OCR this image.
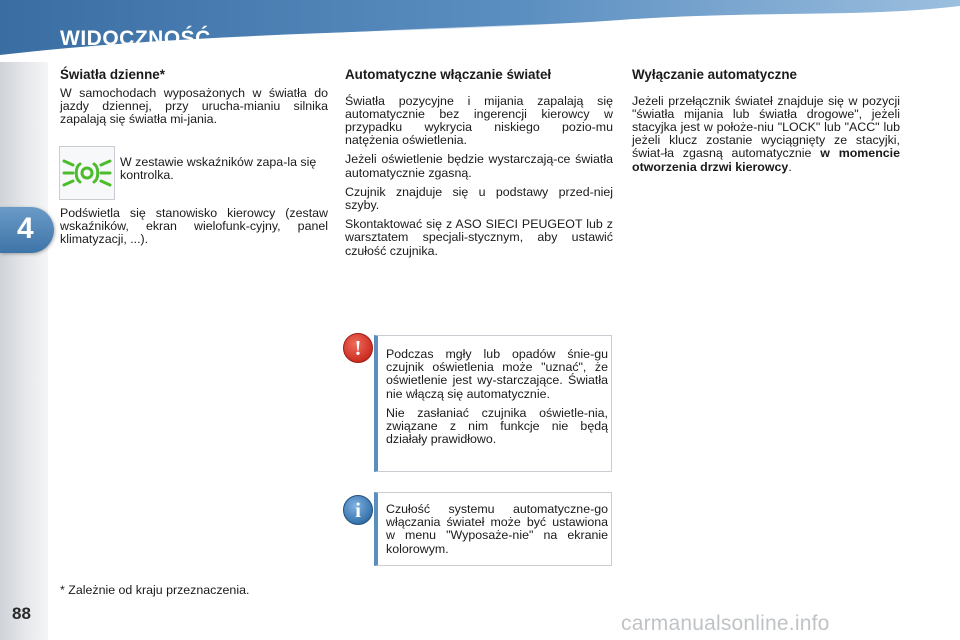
WIDOCZNOŚĆ
4
88
Światła dzienne*

W samochodach wyposażonych w światła do jazdy dziennej, przy urucha-mianiu silnika zapalają się światła mi-jania.

W zestawie wskaźników zapa-la się kontrolka.

Podświetla się stanowisko kierowcy (zestaw wskaźników, ekran wielofunk-cyjny, panel klimatyzacji, ...).

Automatyczne włączanie świateł

Światła pozycyjne i mijania zapalają się automatycznie bez ingerencji kierowcy w przypadku wykrycia niskiego pozio-mu natężenia oświetlenia.

Jeżeli oświetlenie będzie wystarczają-ce światła automatycznie zgasną.

Czujnik znajduje się u podstawy przed-niej szyby.

Skontaktować się z ASO SIECI PEUGEOT lub z warsztatem specjali-stycznym, aby ustawić czułość czujnika.

Wyłączanie automatyczne

Jeżeli przełącznik świateł znajduje się w pozycji "światła mijania lub światła drogowe", jeżeli stacyjka jest w położe-niu "LOCK" lub "ACC" lub jeżeli klucz zostanie wyciągnięty ze stacyjki, świat-ła zgasną automatycznie w momencie otworzenia drzwi kierowcy.

Podczas mgły lub opadów śnie-gu czujnik oświetlenia może "uznać", że oświetlenie jest wy-starczające. Światła nie włączą się automatycznie.

Nie zasłaniać czujnika oświetle-nia, związane z nim funkcje nie będą działały prawidłowo.

!

Czułość systemu automatyczne-go włączania świateł może być ustawiona w menu "Wyposaże-nie" na ekranie kolorowym.

i
* Zależnie od kraju przeznaczenia.
carmanualsonline.info
